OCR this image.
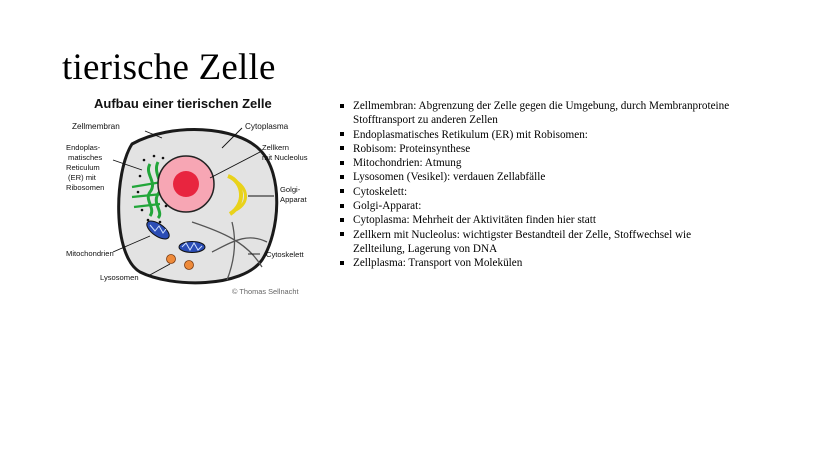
tierische Zelle
Aufbau einer tierischen Zelle
Zellmembran	Cytoplasma
Endoplas-
matisches
Reticulum
(ER) mit
Ribosomen
Zellkern
mit Nucleolus
Golgi-
Apparat
Mitochondrien	Cytoskelett
Lysosomen
© Thomas Sellnacht
Zellmembran: Abgrenzung der Zelle gegen die Umgebung, durch Membranproteine
Stofftransport zu anderen Zellen
Endoplasmatisches Retikulum (ER) mit Robisomen:
Robisom: Proteinsynthese
Mitochondrien: Atmung
Lysosomen (Vesikel): verdauen Zellabfälle
Cytoskelett:
Golgi-Apparat:
Cytoplasma: Mehrheit der Aktivitäten finden hier statt
Zellkern mit Nucleolus: wichtigster Bestandteil der Zelle, Stoffwechsel wie
Zellteilung, Lagerung von DNA
Zellplasma: Transport von Molekülen
